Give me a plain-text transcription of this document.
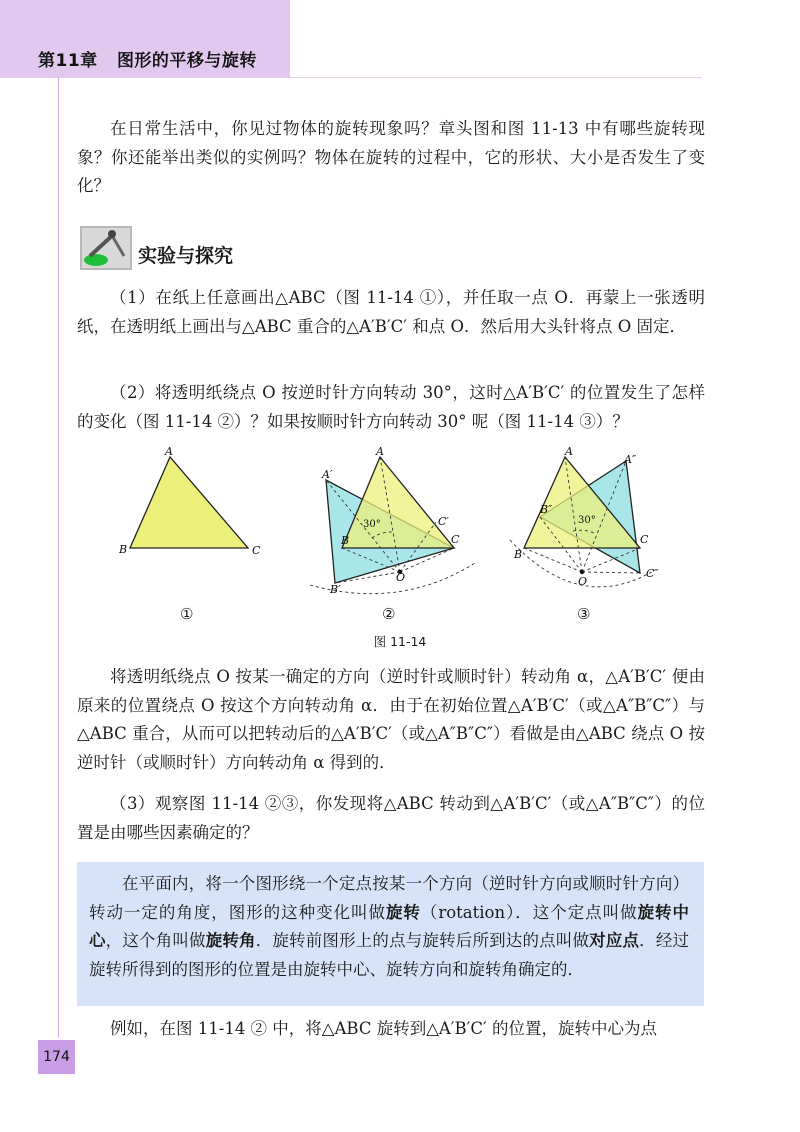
第11章 图形的平移与旋转

在日常生活中，你见过物体的旋转现象吗？章头图和图 11-13 中有哪些旋转现象？你还能举出类似的实例吗？物体在旋转的过程中，它的形状、大小是否发生了变化？

实验与探究

（1）在纸上任意画出△ABC（图 11-14 ①），并任取一点 O．再蒙上一张透明纸，在透明纸上画出与△ABC 重合的△A′B′C′ 和点 O．然后用大头针将点 O 固定．

（2）将透明纸绕点 O 按逆时针方向转动 30°，这时△A′B′C′ 的位置发生了怎样的变化（图 11-14 ②）？如果按顺时针方向转动 30° 呢（图 11-14 ③）？

A
B	C
A′
A
B
C′
C
O
B′
30°
A
A″
B″
B
C
C″
O
30°
①	②	③
图 11-14

将透明纸绕点 O 按某一确定的方向（逆时针或顺时针）转动角 α，△A′B′C′ 便由原来的位置绕点 O 按这个方向转动角 α．由于在初始位置△A′B′C′（或△A″B″C″）与△ABC 重合，从而可以把转动后的△A′B′C′（或△A″B″C″）看做是由△ABC 绕点 O 按逆时针（或顺时针）方向转动角 α 得到的．

（3）观察图 11-14 ②③，你发现将△ABC 转动到△A′B′C′（或△A″B″C″）的位置是由哪些因素确定的？

在平面内，将一个图形绕一个定点按某一个方向（逆时针方向或顺时针方向）转动一定的角度，图形的这种变化叫做旋转（rotation）．这个定点叫做旋转中心，这个角叫做旋转角．旋转前图形上的点与旋转后所到达的点叫做对应点．经过旋转所得到的图形的位置是由旋转中心、旋转方向和旋转角确定的．

例如，在图 11-14 ② 中，将△ABC 旋转到△A′B′C′ 的位置，旋转中心为点

174
